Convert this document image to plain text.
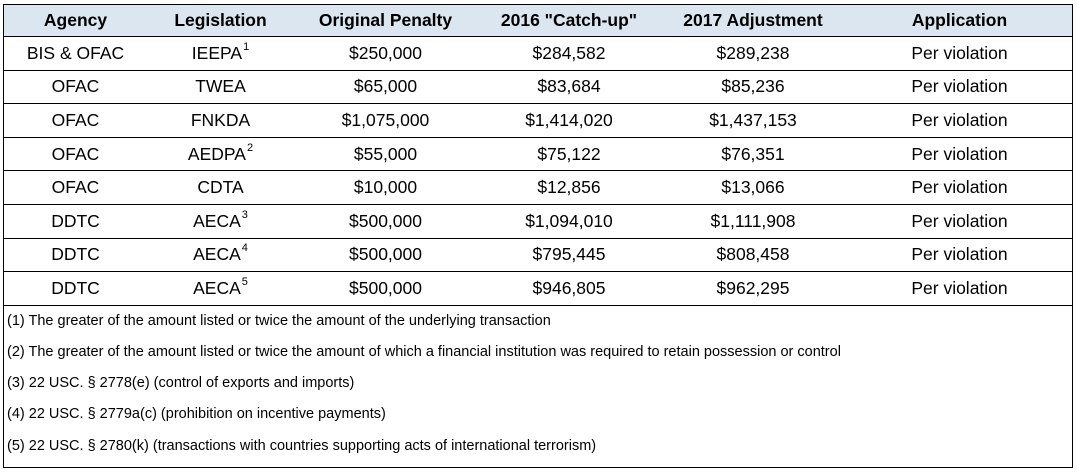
Agency	Legislation	Original Penalty	2016 "Catch-up"	2017 Adjustment	Application
BIS & OFAC	IEEPA$^1$	$250,000	$284,582	$289,238	Per violation
OFAC	TWEA	$65,000	$83,684	$85,236	Per violation
OFAC	FNKDA	$1,075,000	$1,414,020	$1,437,153	Per violation
OFAC	AEDPA$^2$	$55,000	$75,122	$76,351	Per violation
OFAC	CDTA	$10,000	$12,856	$13,066	Per violation
DDTC	AECA$^3$	$500,000	$1,094,010	$1,111,908	Per violation
DDTC	AECA$^4$	$500,000	$795,445	$808,458	Per violation
DDTC	AECA$^5$	$500,000	$946,805	$962,295	Per violation
(1) The greater of the amount listed or twice the amount of the underlying transaction
(2) The greater of the amount listed or twice the amount of which a financial institution was required to retain possession or control
(3) 22 USC. § 2778(e) (control of exports and imports)
(4) 22 USC. § 2779a(c) (prohibition on incentive payments)
(5) 22 USC. § 2780(k) (transactions with countries supporting acts of international terrorism)
